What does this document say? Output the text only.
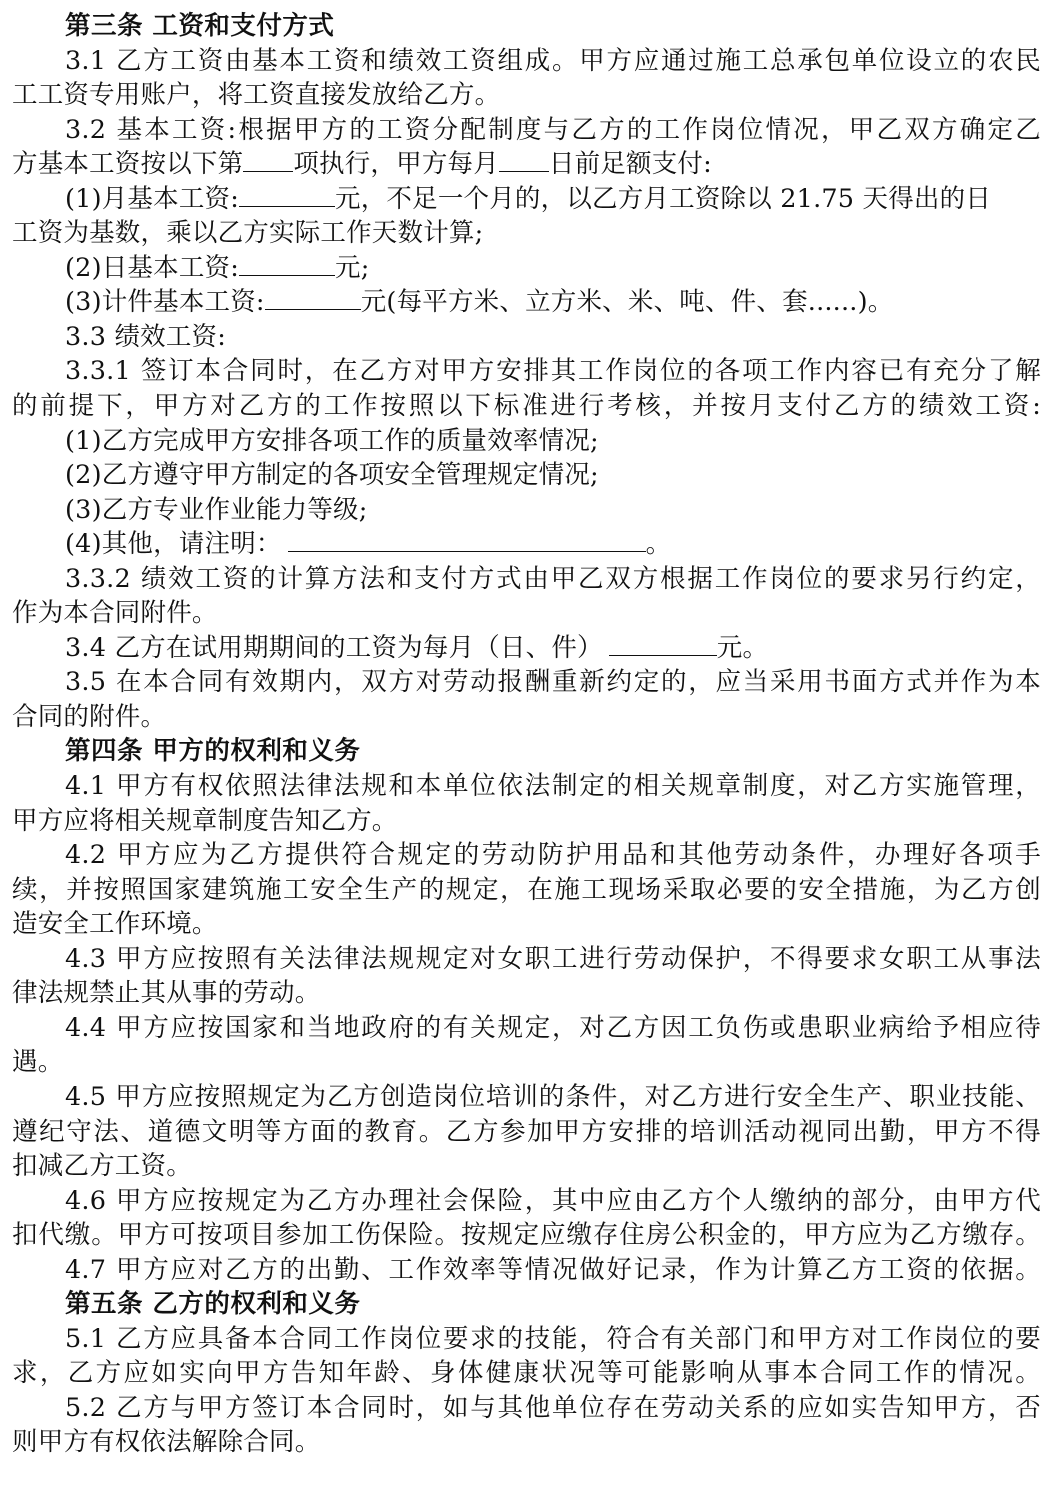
第三条 工资和支付方式
3.1 乙方工资由基本工资和绩效工资组成。甲方应通过施工总承包单位设立的农民
工工资专用账户，将工资直接发放给乙方。
3.2 基本工资:根据甲方的工资分配制度与乙方的工作岗位情况，甲乙双方确定乙
方基本工资按以下第 项执行，甲方每月 日前足额支付:
(1)月基本工资:	元，不足一个月的，以乙方月工资除以 21.75 天得出的日
工资为基数，乘以乙方实际工作天数计算;
(2)日基本工资:	元;
(3)计件基本工资:	元(每平方米、立方米、米、吨、件、套......)。
3.3 绩效工资:
3.3.1 签订本合同时，在乙方对甲方安排其工作岗位的各项工作内容已有充分了解
的前提下，甲方对乙方的工作按照以下标准进行考核，并按月支付乙方的绩效工资:
(1)乙方完成甲方安排各项工作的质量效率情况;
(2)乙方遵守甲方制定的各项安全管理规定情况;
(3)乙方专业作业能力等级;
(4)其他，请注明：	。
3.3.2 绩效工资的计算方法和支付方式由甲乙双方根据工作岗位的要求另行约定，
作为本合同附件。
3.4 乙方在试用期期间的工资为每月（日、件）	元。
3.5 在本合同有效期内，双方对劳动报酬重新约定的，应当采用书面方式并作为本
合同的附件。
第四条 甲方的权利和义务
4.1 甲方有权依照法律法规和本单位依法制定的相关规章制度，对乙方实施管理，
甲方应将相关规章制度告知乙方。
4.2 甲方应为乙方提供符合规定的劳动防护用品和其他劳动条件，办理好各项手
续，并按照国家建筑施工安全生产的规定，在施工现场采取必要的安全措施，为乙方创
造安全工作环境。
4.3 甲方应按照有关法律法规规定对女职工进行劳动保护，不得要求女职工从事法
律法规禁止其从事的劳动。
4.4 甲方应按国家和当地政府的有关规定，对乙方因工负伤或患职业病给予相应待
遇。
4.5 甲方应按照规定为乙方创造岗位培训的条件，对乙方进行安全生产、职业技能、
遵纪守法、道德文明等方面的教育。乙方参加甲方安排的培训活动视同出勤，甲方不得
扣减乙方工资。
4.6 甲方应按规定为乙方办理社会保险，其中应由乙方个人缴纳的部分，由甲方代
扣代缴。甲方可按项目参加工伤保险。按规定应缴存住房公积金的，甲方应为乙方缴存。
4.7 甲方应对乙方的出勤、工作效率等情况做好记录，作为计算乙方工资的依据。
第五条 乙方的权利和义务
5.1 乙方应具备本合同工作岗位要求的技能，符合有关部门和甲方对工作岗位的要
求，乙方应如实向甲方告知年龄、身体健康状况等可能影响从事本合同工作的情况。
5.2 乙方与甲方签订本合同时，如与其他单位存在劳动关系的应如实告知甲方，否
则甲方有权依法解除合同。
